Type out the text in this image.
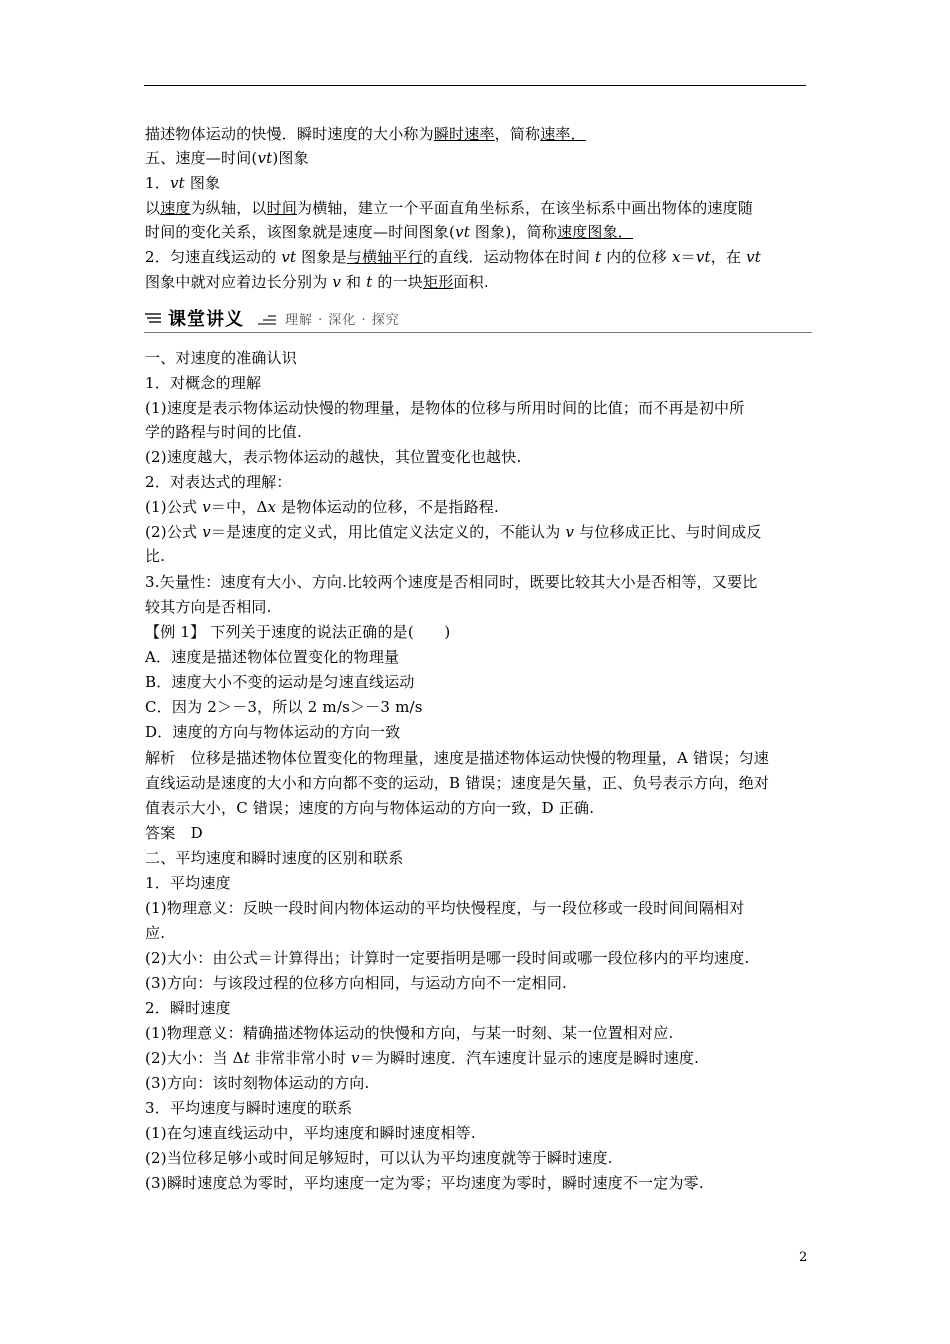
描述物体运动的快慢．瞬时速度的大小称为瞬时速率，简称速率．
五、速度—时间(vt)图象
1．vt 图象
以速度为纵轴，以时间为横轴，建立一个平面直角坐标系，在该坐标系中画出物体的速度随
时间的变化关系，该图象就是速度—时间图象(vt 图象)，简称速度图象．
2．匀速直线运动的 vt 图象是与横轴平行的直线．运动物体在时间 t 内的位移 x＝vt，在 vt
图象中就对应着边长分别为 v 和 t 的一块矩形面积.
课堂讲义	理解 · 深化 · 探究
一、对速度的准确认识
1．对概念的理解
(1)速度是表示物体运动快慢的物理量，是物体的位移与所用时间的比值；而不再是初中所
学的路程与时间的比值.
(2)速度越大，表示物体运动的越快，其位置变化也越快.
2．对表达式的理解：
(1)公式 v＝中，Δx 是物体运动的位移，不是指路程.
(2)公式 v＝是速度的定义式，用比值定义法定义的，不能认为 v 与位移成正比、与时间成反
比.
3.矢量性：速度有大小、方向.比较两个速度是否相同时，既要比较其大小是否相等，又要比
较其方向是否相同.
【例 1】 下列关于速度的说法正确的是(　　)
A．速度是描述物体位置变化的物理量
B．速度大小不变的运动是匀速直线运动
C．因为 2＞－3，所以 2 m/s＞－3 m/s
D．速度的方向与物体运动的方向一致
解析　位移是描述物体位置变化的物理量，速度是描述物体运动快慢的物理量，A 错误；匀速
直线运动是速度的大小和方向都不变的运动，B 错误；速度是矢量，正、负号表示方向，绝对
值表示大小，C 错误；速度的方向与物体运动的方向一致，D 正确.
答案　D
二、平均速度和瞬时速度的区别和联系
1．平均速度
(1)物理意义：反映一段时间内物体运动的平均快慢程度，与一段位移或一段时间间隔相对
应.
(2)大小：由公式＝计算得出；计算时一定要指明是哪一段时间或哪一段位移内的平均速度.
(3)方向：与该段过程的位移方向相同，与运动方向不一定相同.
2．瞬时速度
(1)物理意义：精确描述物体运动的快慢和方向，与某一时刻、某一位置相对应.
(2)大小：当 Δt 非常非常小时 v＝为瞬时速度．汽车速度计显示的速度是瞬时速度.
(3)方向：该时刻物体运动的方向.
3．平均速度与瞬时速度的联系
(1)在匀速直线运动中，平均速度和瞬时速度相等.
(2)当位移足够小或时间足够短时，可以认为平均速度就等于瞬时速度.
(3)瞬时速度总为零时，平均速度一定为零；平均速度为零时，瞬时速度不一定为零.
2
